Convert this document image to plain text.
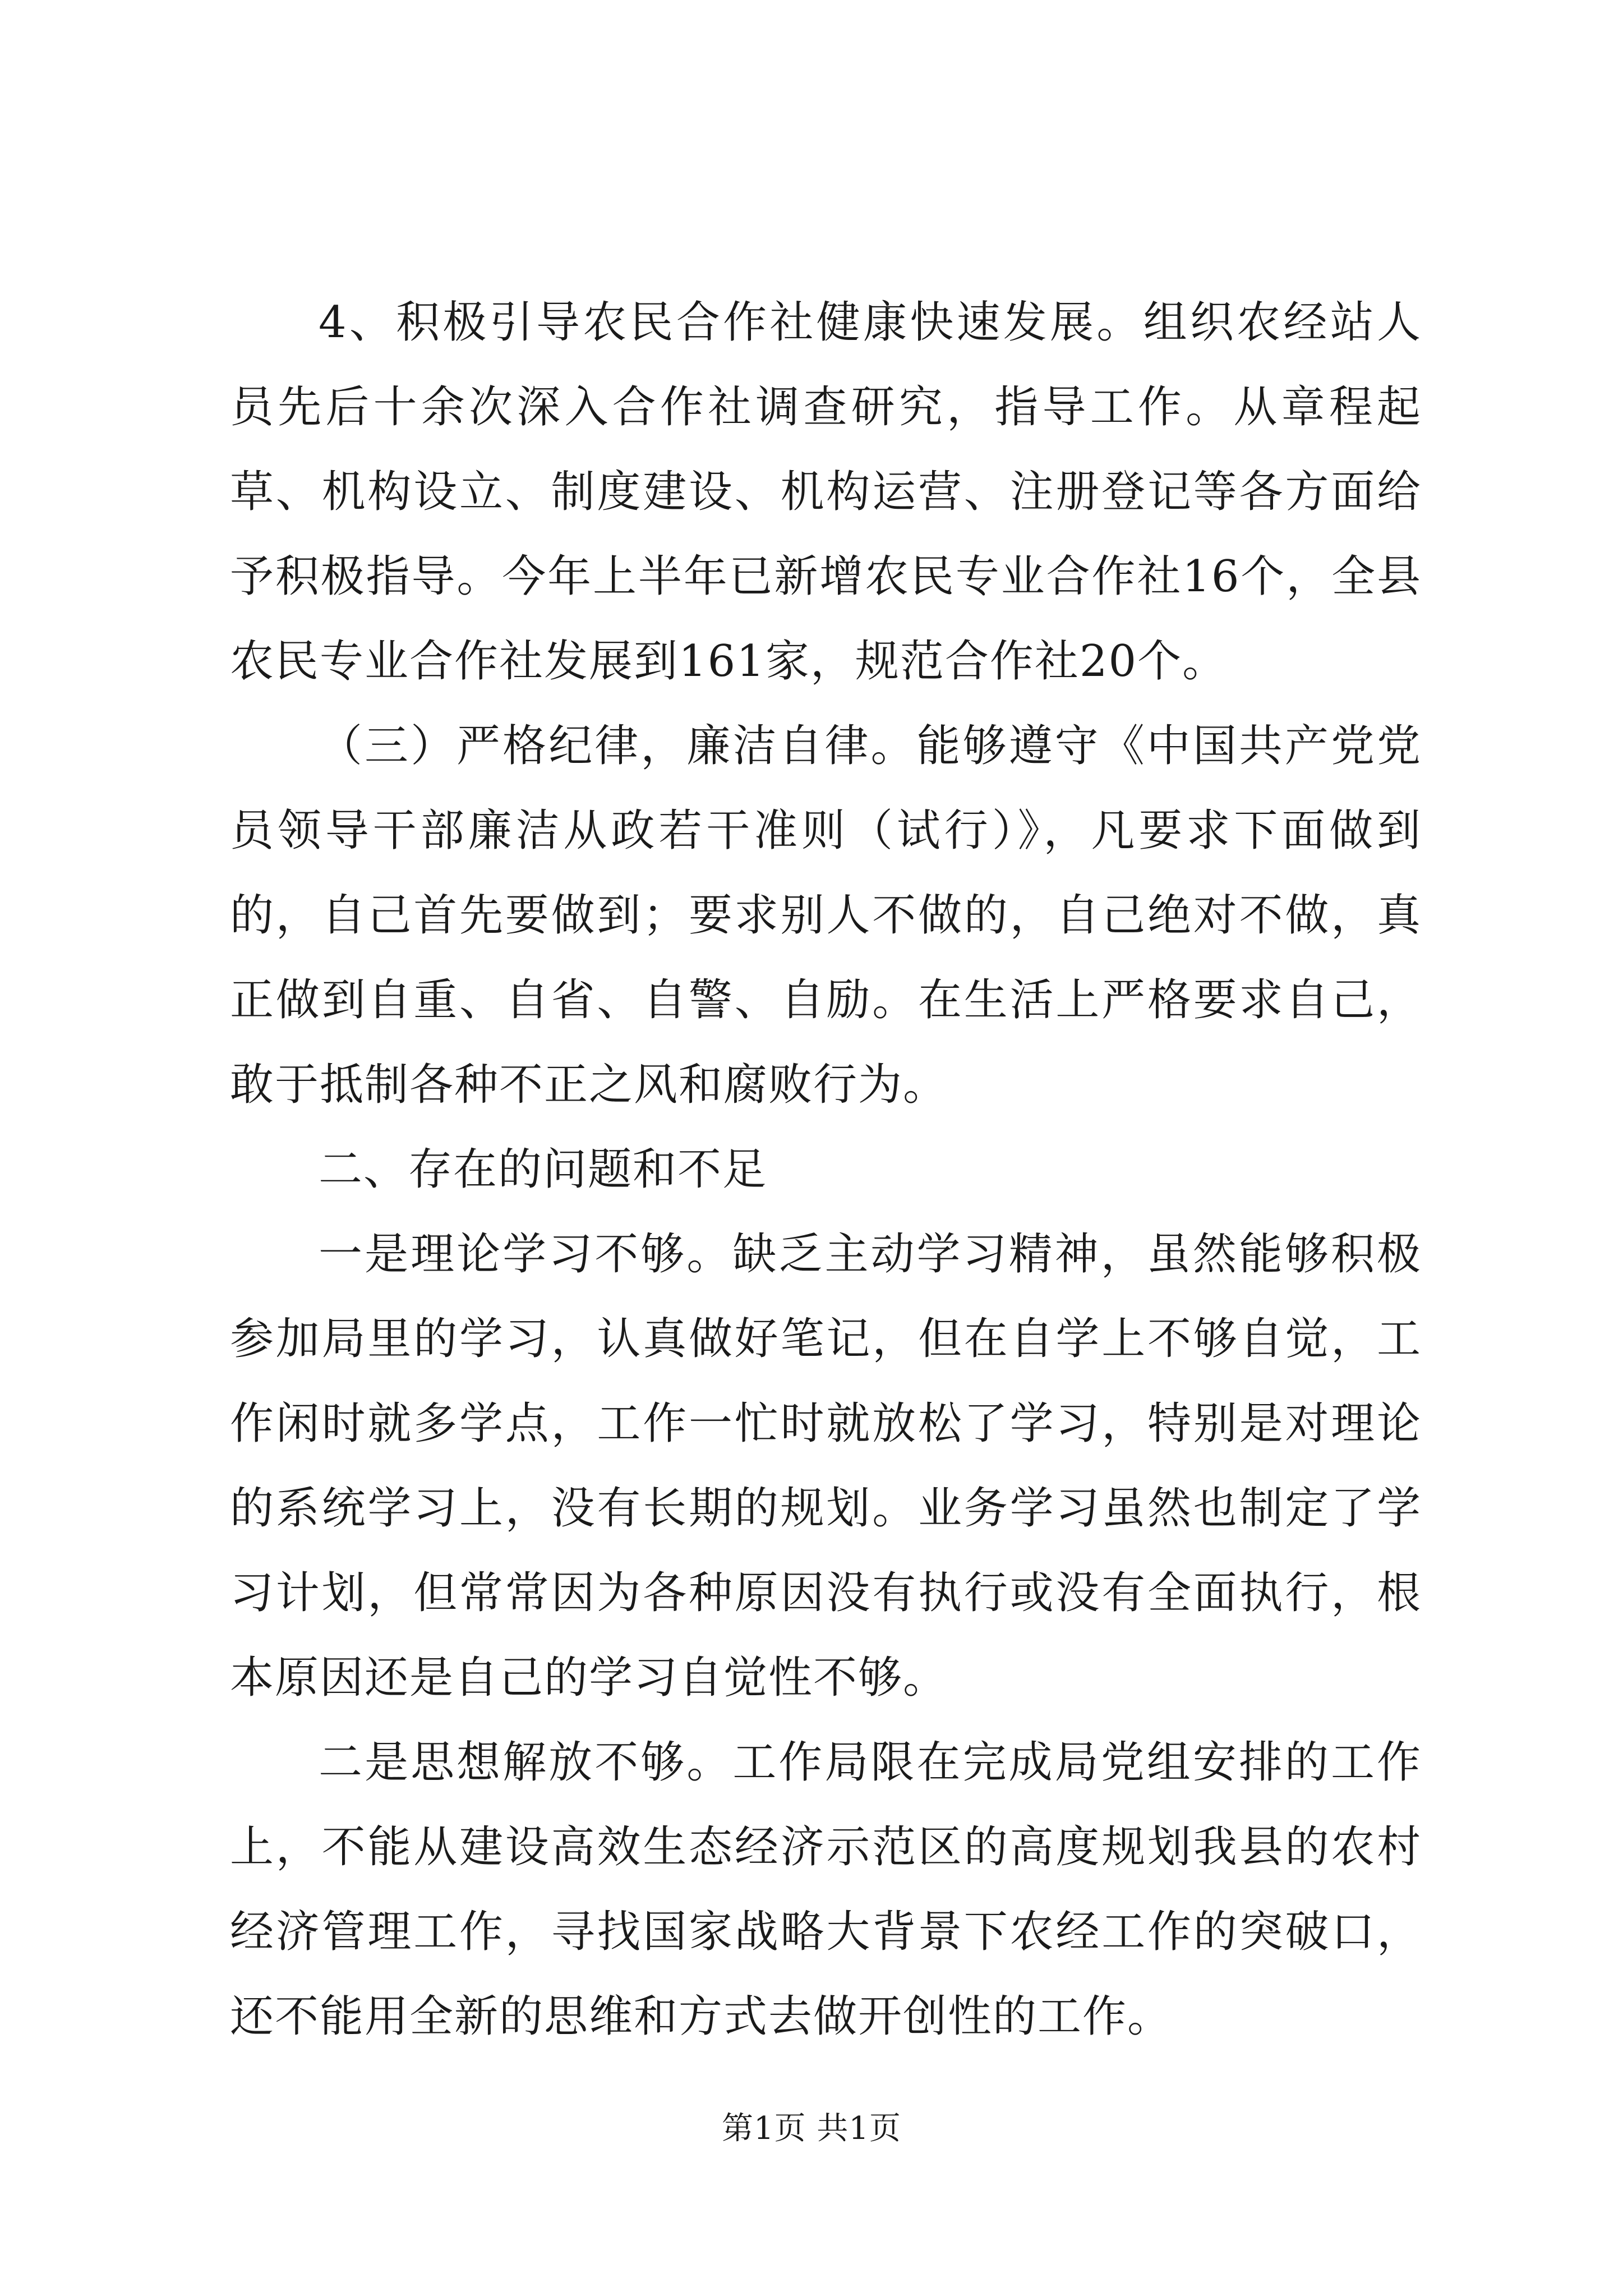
4、积极引导农民合作社健康快速发展。组织农经站人员先后十余次深入合作社调查研究，指导工作。从章程起草、机构设立、制度建设、机构运营、注册登记等各方面给予积极指导。今年上半年已新增农民专业合作社16个，全县农民专业合作社发展到161家，规范合作社20个。

（三）严格纪律，廉洁自律。能够遵守《中国共产党党员领导干部廉洁从政若干准则（试行）》，凡要求下面做到的，自己首先要做到；要求别人不做的，自己绝对不做，真正做到自重、自省、自警、自励。在生活上严格要求自己，敢于抵制各种不正之风和腐败行为。

二、存在的问题和不足

一是理论学习不够。缺乏主动学习精神，虽然能够积极参加局里的学习，认真做好笔记，但在自学上不够自觉，工作闲时就多学点，工作一忙时就放松了学习，特别是对理论的系统学习上，没有长期的规划。业务学习虽然也制定了学习计划，但常常因为各种原因没有执行或没有全面执行，根本原因还是自己的学习自觉性不够。

二是思想解放不够。工作局限在完成局党组安排的工作上，不能从建设高效生态经济示范区的高度规划我县的农村经济管理工作，寻找国家战略大背景下农经工作的突破口，还不能用全新的思维和方式去做开创性的工作。

第1页 共1页
